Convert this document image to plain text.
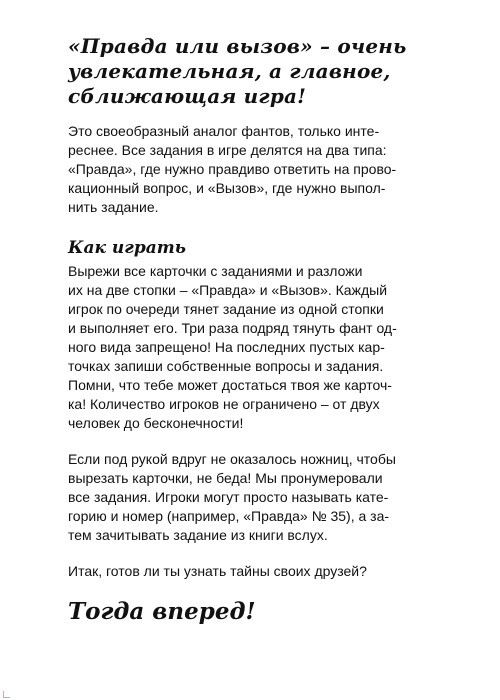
«Правда или вызов» – очень
увлекательная, а главное,
сближающая игра!

Это своеобразный аналог фантов, только инте-
реснее. Все задания в игре делятся на два типа:
«Правда», где нужно правдиво ответить на прово-
кационный вопрос, и «Вызов», где нужно выпол-
нить задание.

Как играть

Вырежи все карточки с заданиями и разложи
их на две стопки – «Правда» и «Вызов». Каждый
игрок по очереди тянет задание из одной стопки
и выполняет его. Три раза подряд тянуть фант од-
ного вида запрещено! На последних пустых кар-
точках запиши собственные вопросы и задания.
Помни, что тебе может достаться твоя же карточ-
ка! Количество игроков не ограничено – от двух
человек до бесконечности!

Если под рукой вдруг не оказалось ножниц, чтобы
вырезать карточки, не беда! Мы пронумеровали
все задания. Игроки могут просто называть кате-
горию и номер (например, «Правда» № 35), а за-
тем зачитывать задание из книги вслух.

Итак, готов ли ты узнать тайны своих друзей?

Тогда вперед!
